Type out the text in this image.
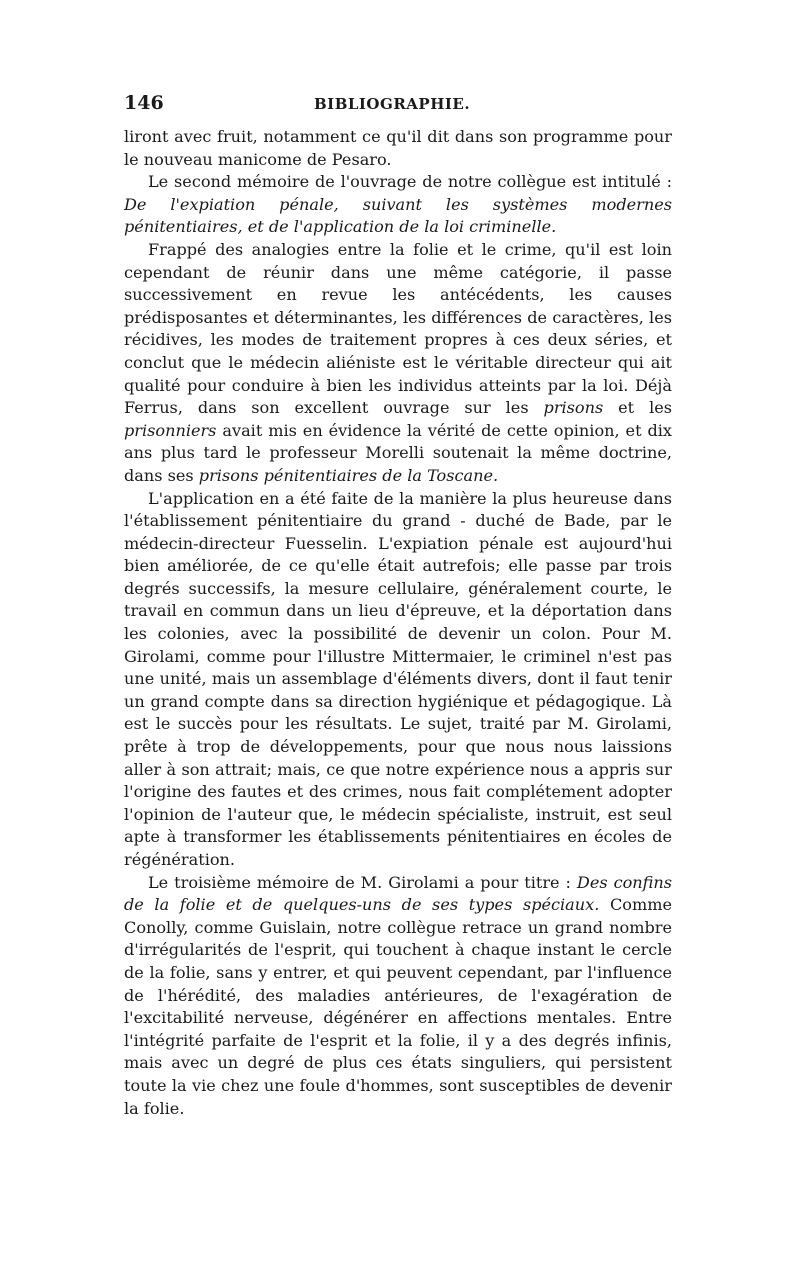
146	BIBLIOGRAPHIE.

liront avec fruit, notamment ce qu'il dit dans son programme pour le nouveau manicome de Pesaro.

Le second mémoire de l'ouvrage de notre collègue est intitulé : De l'expiation pénale, suivant les systèmes modernes pénitentiaires, et de l'application de la loi criminelle.

Frappé des analogies entre la folie et le crime, qu'il est loin cependant de réunir dans une même catégorie, il passe successivement en revue les antécédents, les causes prédisposantes et déterminantes, les différences de caractères, les récidives, les modes de traitement propres à ces deux séries, et conclut que le médecin aliéniste est le véritable directeur qui ait qualité pour conduire à bien les individus atteints par la loi. Déjà Ferrus, dans son excellent ouvrage sur les prisons et les prisonniers avait mis en évidence la vérité de cette opinion, et dix ans plus tard le professeur Morelli soutenait la même doctrine, dans ses prisons pénitentiaires de la Toscane.

L'application en a été faite de la manière la plus heureuse dans l'établissement pénitentiaire du grand - duché de Bade, par le médecin-directeur Fuesselin. L'expiation pénale est aujourd'hui bien améliorée, de ce qu'elle était autrefois; elle passe par trois degrés successifs, la mesure cellulaire, généralement courte, le travail en commun dans un lieu d'épreuve, et la déportation dans les colonies, avec la possibilité de devenir un colon. Pour M. Girolami, comme pour l'illustre Mittermaier, le criminel n'est pas une unité, mais un assemblage d'éléments divers, dont il faut tenir un grand compte dans sa direction hygiénique et pédagogique. Là est le succès pour les résultats. Le sujet, traité par M. Girolami, prête à trop de développements, pour que nous nous laissions aller à son attrait; mais, ce que notre expérience nous a appris sur l'origine des fautes et des crimes, nous fait complétement adopter l'opinion de l'auteur que, le médecin spécialiste, instruit, est seul apte à transformer les établissements pénitentiaires en écoles de régénération.

Le troisième mémoire de M. Girolami a pour titre : Des confins de la folie et de quelques-uns de ses types spéciaux. Comme Conolly, comme Guislain, notre collègue retrace un grand nombre d'irrégularités de l'esprit, qui touchent à chaque instant le cercle de la folie, sans y entrer, et qui peuvent cependant, par l'influence de l'hérédité, des maladies antérieures, de l'exagération de l'excitabilité nerveuse, dégénérer en affections mentales. Entre l'intégrité parfaite de l'esprit et la folie, il y a des degrés infinis, mais avec un degré de plus ces états singuliers, qui persistent toute la vie chez une foule d'hommes, sont susceptibles de devenir la folie.
